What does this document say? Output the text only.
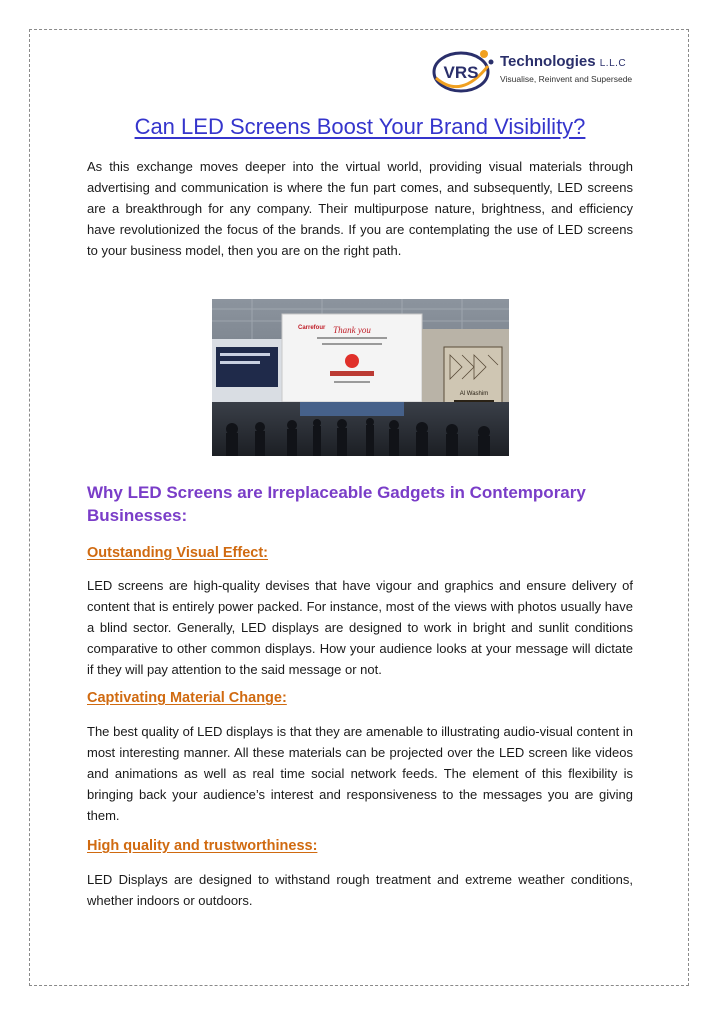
VRS
Technologies L.L.C
Visualise, Reinvent and Supersede
Can LED Screens Boost Your Brand Visibility?

As this exchange moves deeper into the virtual world, providing visual materials through advertising and communication is where the fun part comes, and subsequently, LED screens are a breakthrough for any company. Their multipurpose nature, brightness, and efficiency have revolutionized the focus of the brands. If you are contemplating the use of LED screens to your business model, then you are on the right path.

Carrefour Thank you
Al Washim
Why LED Screens are Irreplaceable Gadgets in Contemporary Businesses:
Outstanding Visual Effect:

LED screens are high-quality devises that have vigour and graphics and ensure delivery of content that is entirely power packed. For instance, most of the views with photos usually have a blind sector. Generally, LED displays are designed to work in bright and sunlit conditions comparative to other common displays. How your audience looks at your message will dictate if they will pay attention to the said message or not.

Captivating Material Change:

The best quality of LED displays is that they are amenable to illustrating audio-visual content in most interesting manner. All these materials can be projected over the LED screen like videos and animations as well as real time social network feeds. The element of this flexibility is bringing back your audience’s interest and responsiveness to the messages you are giving them.

High quality and trustworthiness:

LED Displays are designed to withstand rough treatment and extreme weather conditions, whether indoors or outdoors.
